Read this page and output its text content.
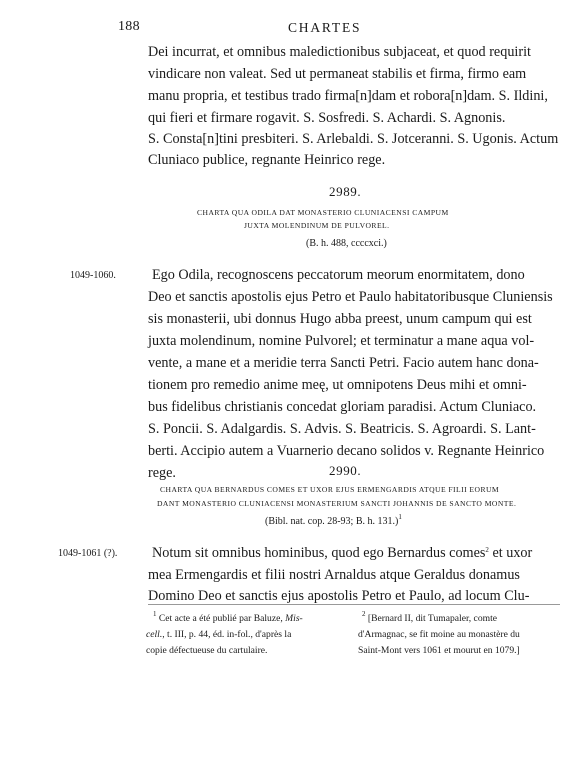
188	CHARTES
Dei incurrat, et omnibus maledictionibus subjaceat, et quod requirit
vindicare non valeat. Sed ut permaneat stabilis et firma, firmo eam
manu propria, et testibus trado firma[n]dam et robora[n]dam. S. Ildini,
qui fieri et firmare rogavit. S. Sosfredi. S. Achardi. S. Agnonis.
S. Consta[n]tini presbiteri. S. Arlebaldi. S. Jotceranni. S. Ugonis. Actum
Cluniaco publice, regnante Heinrico rege.
2989.
CHARTA QUA ODILA DAT MONASTERIO CLUNIACENSI CAMPUM
JUXTA MOLENDINUM DE PULVOREL.
(B. h. 488, ccccxci.)
1049-1060.	Ego Odila, recognoscens peccatorum meorum enormitatem, dono
Deo et sanctis apostolis ejus Petro et Paulo habitatoribusque Cluniensis
sis monasterii, ubi donnus Hugo abba preest, unum campum qui est
juxta molendinum, nomine Pulvorel; et terminatur a mane aqua vol-
vente, a mane et a meridie terra Sancti Petri. Facio autem hanc dona-
tionem pro remedio anime meę, ut omnipotens Deus mihi et omni-
bus fidelibus christianis concedat gloriam paradisi. Actum Cluniaco.
S. Poncii. S. Adalgardis. S. Advis. S. Beatricis. S. Agroardi. S. Lant-
berti. Accipio autem a Vuarnerio decano solidos v. Regnante Heinrico
rege.	2990.
CHARTA QUA BERNARDUS COMES ET UXOR EJUS ERMENGARDIS ATQUE FILII EORUM
DANT MONASTERIO CLUNIACENSI MONASTERIUM SANCTI JOHANNIS DE SANCTO MONTE.
(Bibl. nat. cop. 28-93; B. h. 131.)$^1$
1049-1061 (?). Notum sit omnibus hominibus, quod ego Bernardus comes$^2$ et uxor
mea Ermengardis et filii nostri Arnaldus atque Geraldus donamus
Domino Deo et sanctis ejus apostolis Petro et Paulo, ad locum Clu-
$^1$ Cet acte a été publié par Baluze, Mis-
cell., t. III, p. 44, éd. in-fol., d'après la
copie défectueuse du cartulaire.
$^2$ [Bernard II, dit Tumapaler, comte
d'Armagnac, se fit moine au monastère du
Saint-Mont vers 1061 et mourut en 1079.]
